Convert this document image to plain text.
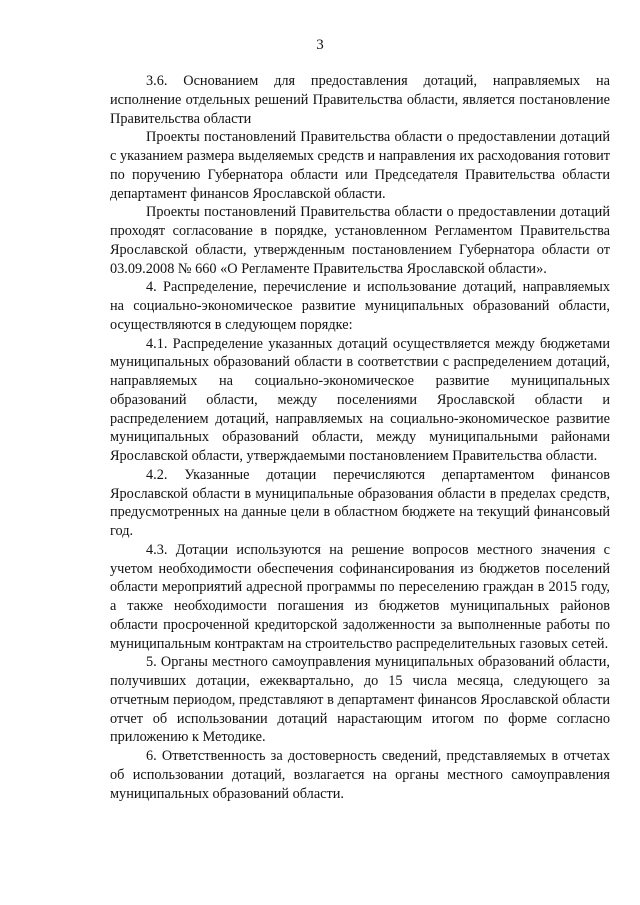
3

3.6. Основанием для предоставления дотаций, направляемых на исполнение отдельных решений Правительства области, является постановление Правительства области

Проекты постановлений Правительства области о предоставлении дотаций с указанием размера выделяемых средств и направления их расходования готовит по поручению Губернатора области или Председателя Правительства области департамент финансов Ярославской области.

Проекты постановлений Правительства области о предоставлении дотаций проходят согласование в порядке, установленном Регламентом Правительства Ярославской области, утвержденным постановлением Губернатора области от 03.09.2008 № 660 «О Регламенте Правительства Ярославской области».

4. Распределение, перечисление и использование дотаций, направляемых на социально-экономическое развитие муниципальных образований области, осуществляются в следующем порядке:

4.1. Распределение указанных дотаций осуществляется между бюджетами муниципальных образований области в соответствии с распределением дотаций, направляемых на социально-экономическое развитие муниципальных образований области, между поселениями Ярославской области и распределением дотаций, направляемых на социально-экономическое развитие муниципальных образований области, между муниципальными районами Ярославской области, утверждаемыми постановлением Правительства области.

4.2. Указанные дотации перечисляются департаментом финансов Ярославской области в муниципальные образования области в пределах средств, предусмотренных на данные цели в областном бюджете на текущий финансовый год.

4.3. Дотации используются на решение вопросов местного значения с учетом необходимости обеспечения софинансирования из бюджетов поселений области мероприятий адресной программы по переселению граждан в 2015 году, а также необходимости погашения из бюджетов муниципальных районов области просроченной кредиторской задолженности за выполненные работы по муниципальным контрактам на строительство распределительных газовых сетей.

5. Органы местного самоуправления муниципальных образований области, получивших дотации, ежеквартально, до 15 числа месяца, следующего за отчетным периодом, представляют в департамент финансов Ярославской области отчет об использовании дотаций нарастающим итогом по форме согласно приложению к Методике.

6. Ответственность за достоверность сведений, представляемых в отчетах об использовании дотаций, возлагается на органы местного самоуправления муниципальных образований области.
